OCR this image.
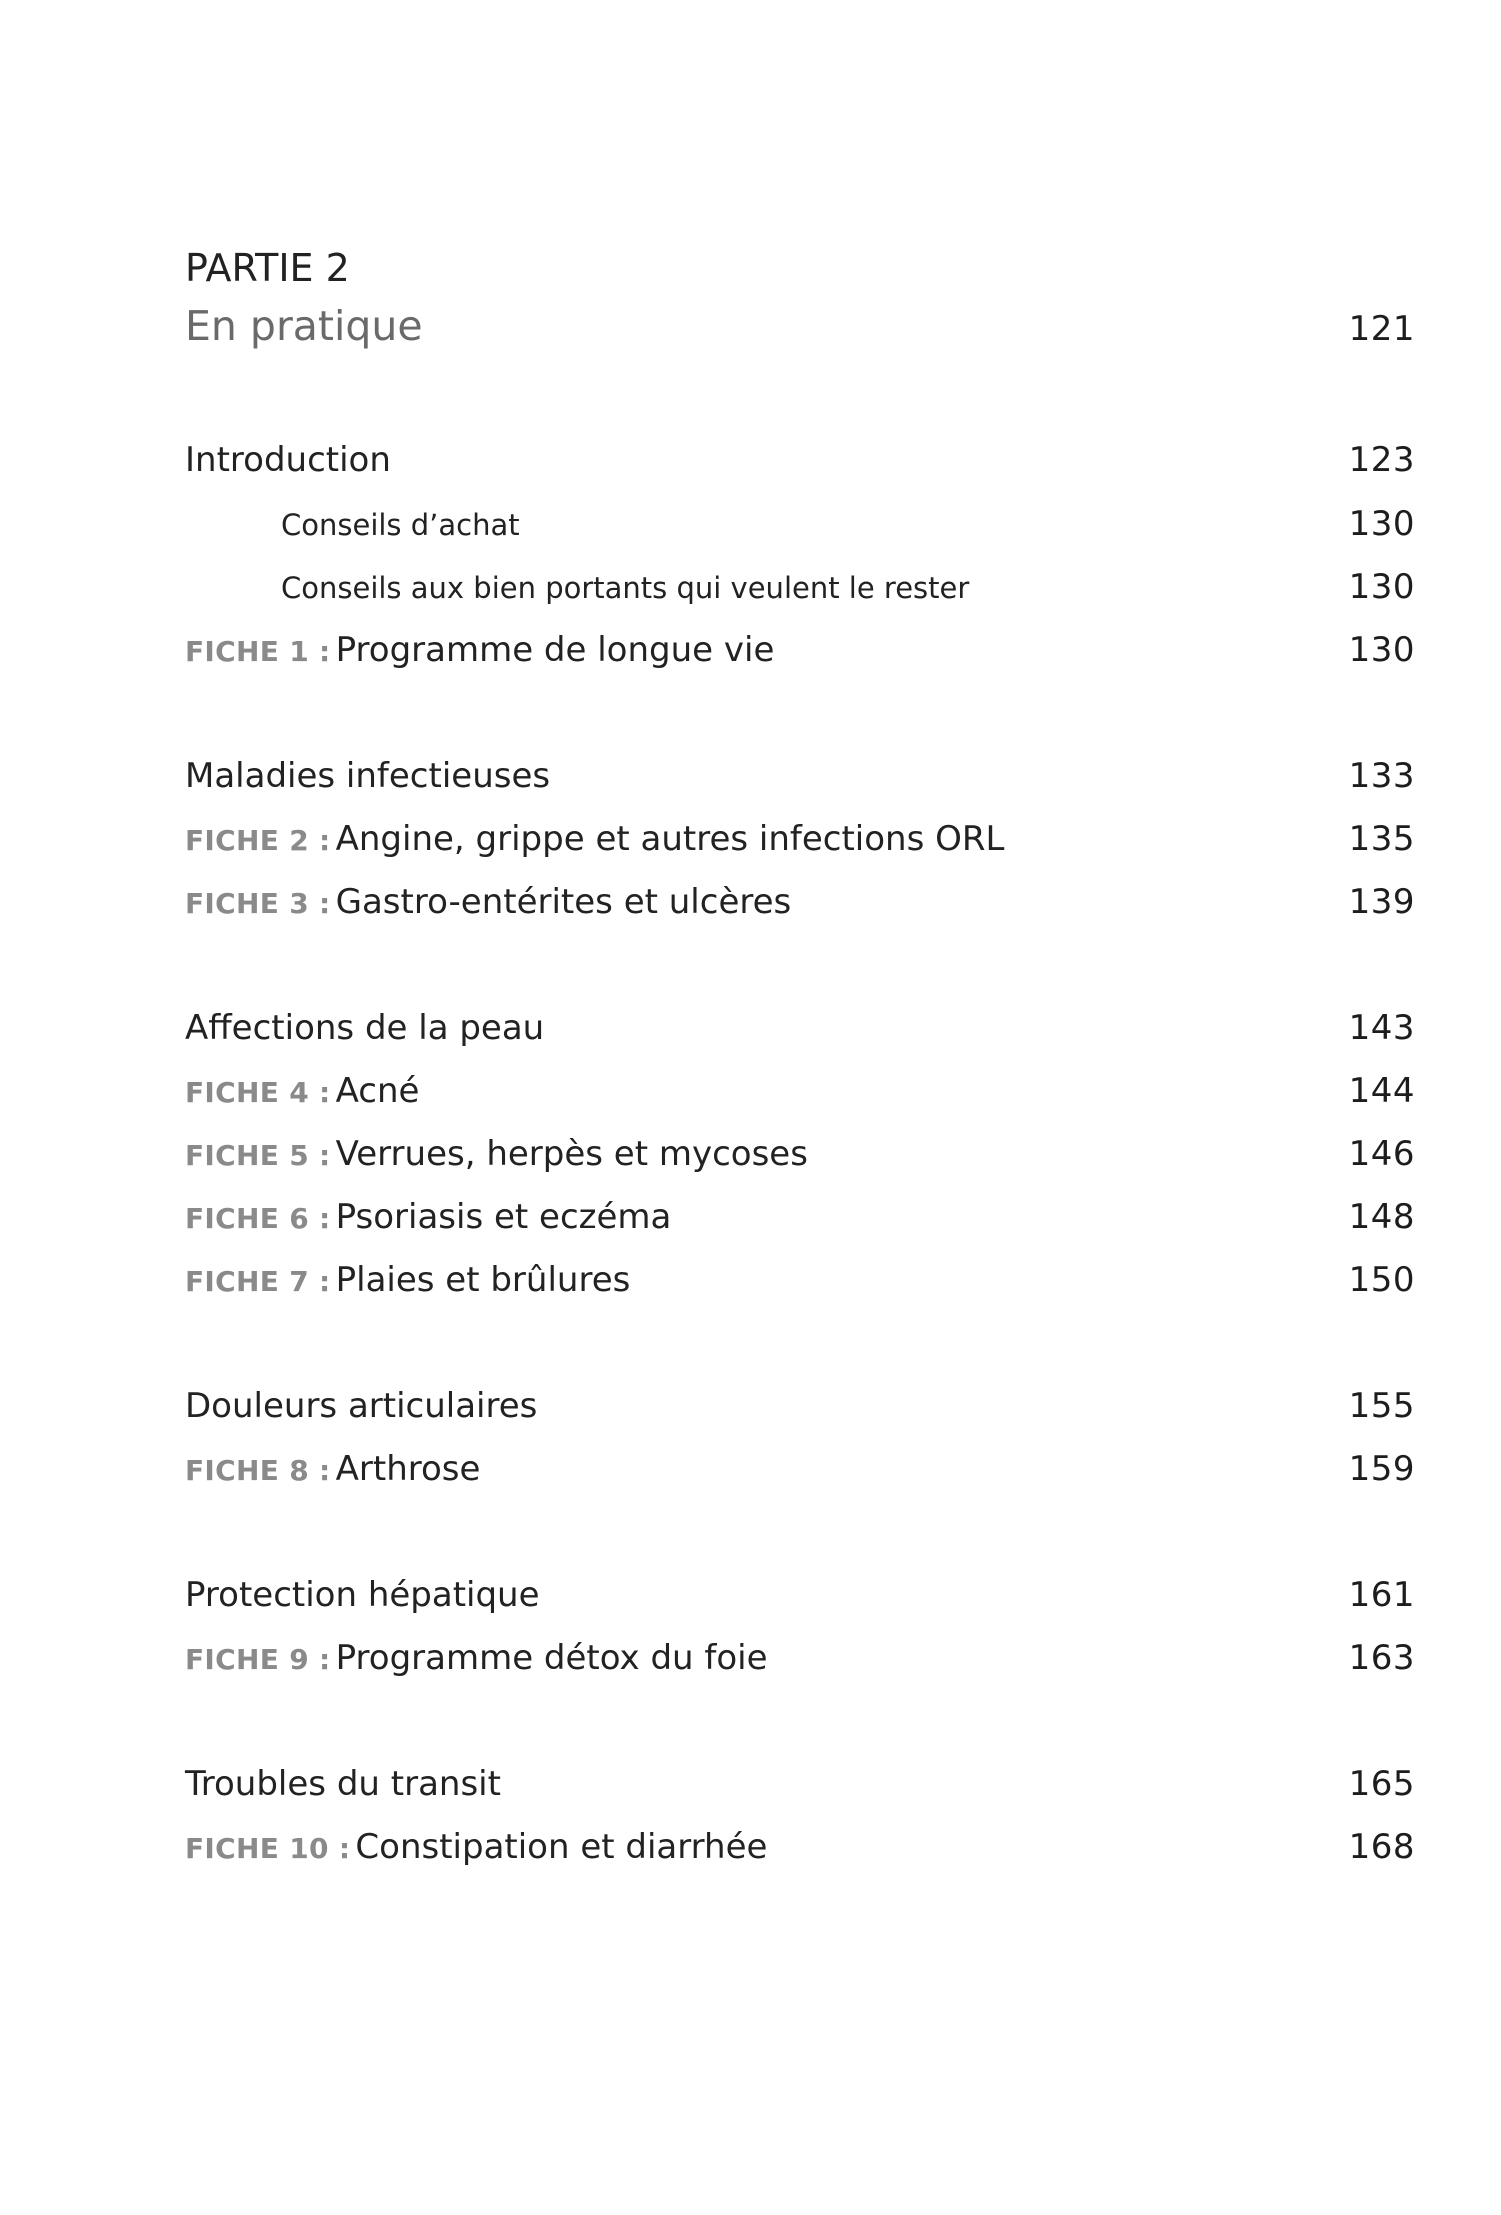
PARTIE 2
En pratique	121
Introduction	123
Conseils d’achat	130
Conseils aux bien portants qui veulent le rester	130
FICHE 1 : Programme de longue vie	130
Maladies infectieuses	133
FICHE 2 : Angine, grippe et autres infections ORL	135
FICHE 3 : Gastro-entérites et ulcères	139
Affections de la peau	143
FICHE 4 : Acné	144
FICHE 5 : Verrues, herpès et mycoses	146
FICHE 6 : Psoriasis et eczéma	148
FICHE 7 : Plaies et brûlures	150
Douleurs articulaires	155
FICHE 8 : Arthrose	159
Protection hépatique	161
FICHE 9 : Programme détox du foie	163
Troubles du transit	165
FICHE 10 : Constipation et diarrhée	168
